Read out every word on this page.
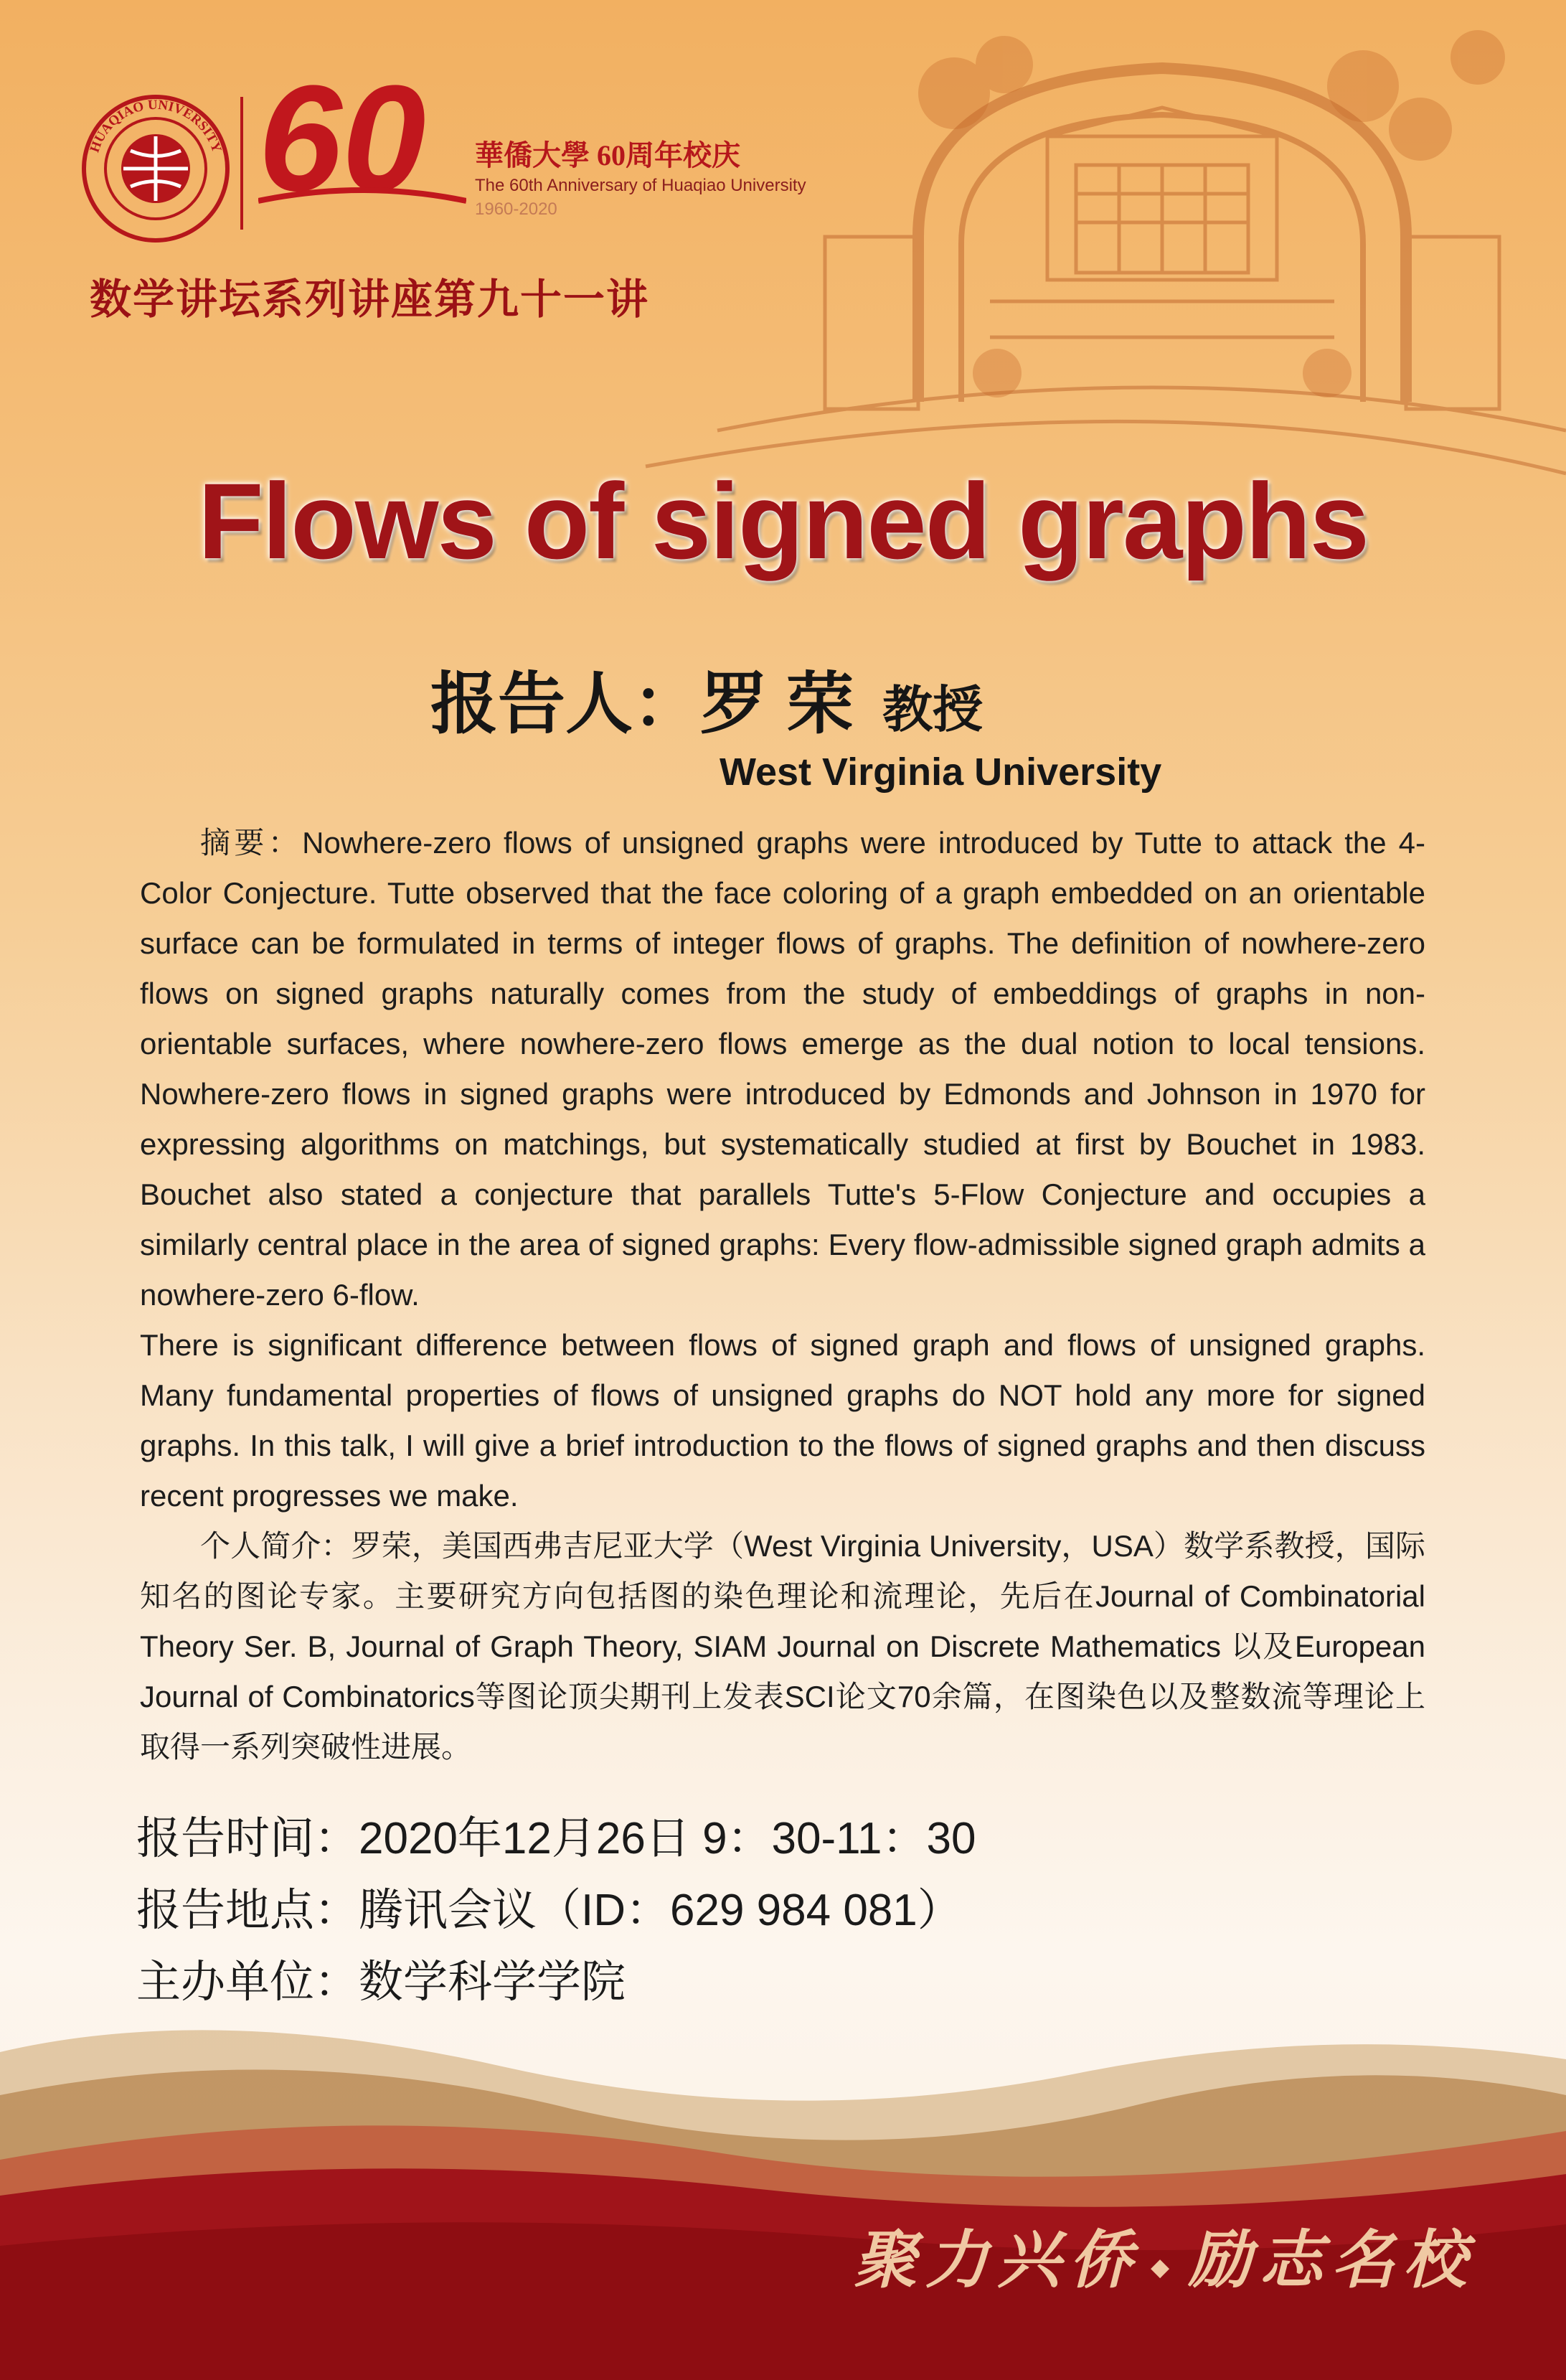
HUAQIAO UNIVERSITY 60 華僑大學 60周年校庆
The 60th Anniversary of Huaqiao University
1960-2020
数学讲坛系列讲座第九十一讲
Flows of signed graphs
报告人：罗 荣 教授
West Virginia University

摘要：Nowhere-zero flows of unsigned graphs were introduced by Tutte to attack the 4-Color Conjecture. Tutte observed that the face coloring of a graph embedded on an orientable surface can be formulated in terms of integer flows of graphs. The definition of nowhere-zero flows on signed graphs naturally comes from the study of embeddings of graphs in non-orientable surfaces, where nowhere-zero flows emerge as the dual notion to local tensions. Nowhere-zero flows in signed graphs were introduced by Edmonds and Johnson in 1970 for expressing algorithms on matchings, but systematically studied at first by Bouchet in 1983. Bouchet also stated a conjecture that parallels Tutte's 5-Flow Conjecture and occupies a similarly central place in the area of signed graphs: Every flow-admissible signed graph admits a nowhere-zero 6-flow.

There is significant difference between flows of signed graph and flows of unsigned graphs. Many fundamental properties of flows of unsigned graphs do NOT hold any more for signed graphs. In this talk, I will give a brief introduction to the flows of signed graphs and then discuss recent progresses we make.

个人简介：罗荣，美国西弗吉尼亚大学（West Virginia University，USA）数学系教授，国际知名的图论专家。主要研究方向包括图的染色理论和流理论，先后在Journal of Combinatorial Theory Ser. B, Journal of Graph Theory, SIAM Journal on Discrete Mathematics 以及European Journal of Combinatorics等图论顶尖期刊上发表SCI论文70余篇，在图染色以及整数流等理论上取得一系列突破性进展。

报告时间：2020年12月26日 9：30-11：30
报告地点：腾讯会议（ID：629 984 081）
主办单位：数学科学学院
聚力兴侨 ◆ 励志名校
